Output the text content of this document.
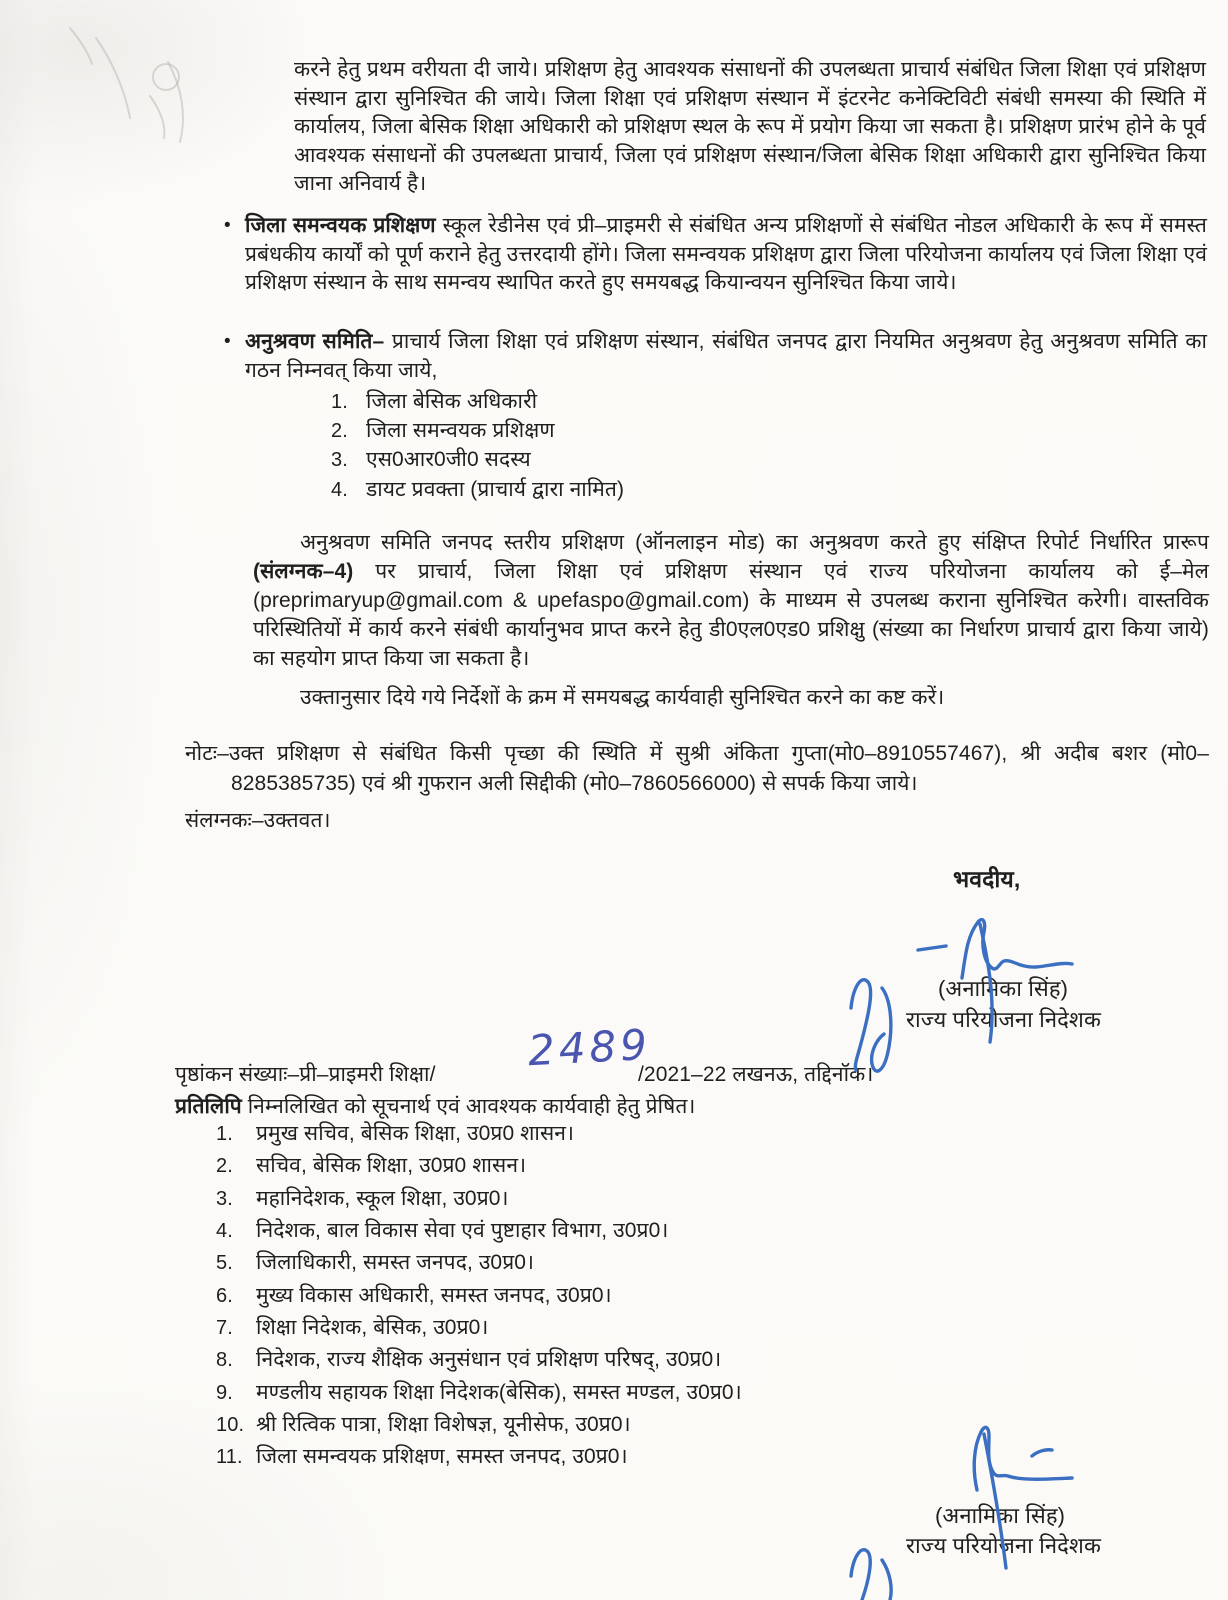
करने हेतु प्रथम वरीयता दी जाये। प्रशिक्षण हेतु आवश्यक संसाधनों की उपलब्धता प्राचार्य संबंधित जिला शिक्षा एवं प्रशिक्षण संस्थान द्वारा सुनिश्चित की जाये। जिला शिक्षा एवं प्रशिक्षण संस्थान में इंटरनेट कनेक्टिविटी संबंधी समस्या की स्थिति में कार्यालय, जिला बेसिक शिक्षा अधिकारी को प्रशिक्षण स्थल के रूप में प्रयोग किया जा सकता है। प्रशिक्षण प्रारंभ होने के पूर्व आवश्यक संसाधनों की उपलब्धता प्राचार्य, जिला एवं प्रशिक्षण संस्थान/जिला बेसिक शिक्षा अधिकारी द्वारा सुनिश्चित किया जाना अनिवार्य है।
• जिला समन्वयक प्रशिक्षण स्कूल रेडीनेस एवं प्री–प्राइमरी से संबंधित अन्य प्रशिक्षणों से संबंधित नोडल अधिकारी के रूप में समस्त प्रबंधकीय कार्यों को पूर्ण कराने हेतु उत्तरदायी होंगे। जिला समन्वयक प्रशिक्षण द्वारा जिला परियोजना कार्यालय एवं जिला शिक्षा एवं प्रशिक्षण संस्थान के साथ समन्वय स्थापित करते हुए समयबद्ध कियान्वयन सुनिश्चित किया जाये।
• अनुश्रवण समिति– प्राचार्य जिला शिक्षा एवं प्रशिक्षण संस्थान, संबंधित जनपद द्वारा नियमित अनुश्रवण हेतु अनुश्रवण समिति का गठन निम्नवत् किया जाये,
1. जिला बेसिक अधिकारी
2. जिला समन्वयक प्रशिक्षण
3. एस0आर0जी0 सदस्य
4. डायट प्रवक्ता (प्राचार्य द्वारा नामित)
अनुश्रवण समिति जनपद स्तरीय प्रशिक्षण (ऑनलाइन मोड) का अनुश्रवण करते हुए संक्षिप्त रिपोर्ट निर्धारित प्रारूप (संलग्नक–4) पर प्राचार्य, जिला शिक्षा एवं प्रशिक्षण संस्थान एवं राज्य परियोजना कार्यालय को ई–मेल (preprimaryup@gmail.com & upefaspo@gmail.com) के माध्यम से उपलब्ध कराना सुनिश्चित करेगी। वास्तविक परिस्थितियों में कार्य करने संबंधी कार्यानुभव प्राप्त करने हेतु डी0एल0एड0 प्रशिक्षु (संख्या का निर्धारण प्राचार्य द्वारा किया जाये) का सहयोग प्राप्त किया जा सकता है।
उक्तानुसार दिये गये निर्देशों के क्रम में समयबद्ध कार्यवाही सुनिश्चित करने का कष्ट करें।
नोटः–उक्त प्रशिक्षण से संबंधित किसी पृच्छा की स्थिति में सुश्री अंकिता गुप्ता(मो0–8910557467), श्री अदीब बशर (मो0–8285385735) एवं श्री गुफरान अली सिद्दीकी (मो0–7860566000) से सपर्क किया जाये।
संलग्नकः–उक्तवत।
भवदीय,
(अनामिका सिंह)
राज्य परियोजना निदेशक
पृष्ठांकन संख्याः–प्री–प्राइमरी शिक्षा/ 2489
/2021–22 लखनऊ, तद्दिनॉक।
प्रतिलिपि निम्नलिखित को सूचनार्थ एवं आवश्यक कार्यवाही हेतु प्रेषित।
1.	प्रमुख सचिव, बेसिक शिक्षा, उ0प्र0 शासन।
2.	सचिव, बेसिक शिक्षा, उ0प्र0 शासन।
3.	महानिदेशक, स्कूल शिक्षा, उ0प्र0।
4.	निदेशक, बाल विकास सेवा एवं पुष्टाहार विभाग, उ0प्र0।
5.	जिलाधिकारी, समस्त जनपद, उ0प्र0।
6.	मुख्य विकास अधिकारी, समस्त जनपद, उ0प्र0।
7.	शिक्षा निदेशक, बेसिक, उ0प्र0।
8.	निदेशक, राज्य शैक्षिक अनुसंधान एवं प्रशिक्षण परिषद्, उ0प्र0।
9.	मण्डलीय सहायक शिक्षा निदेशक(बेसिक), समस्त मण्डल, उ0प्र0।
10. श्री रित्विक पात्रा, शिक्षा विशेषज्ञ, यूनीसेफ, उ0प्र0।
11. जिला समन्वयक प्रशिक्षण, समस्त जनपद, उ0प्र0।
(अनामिका सिंह)
राज्य परियोजना निदेशक
